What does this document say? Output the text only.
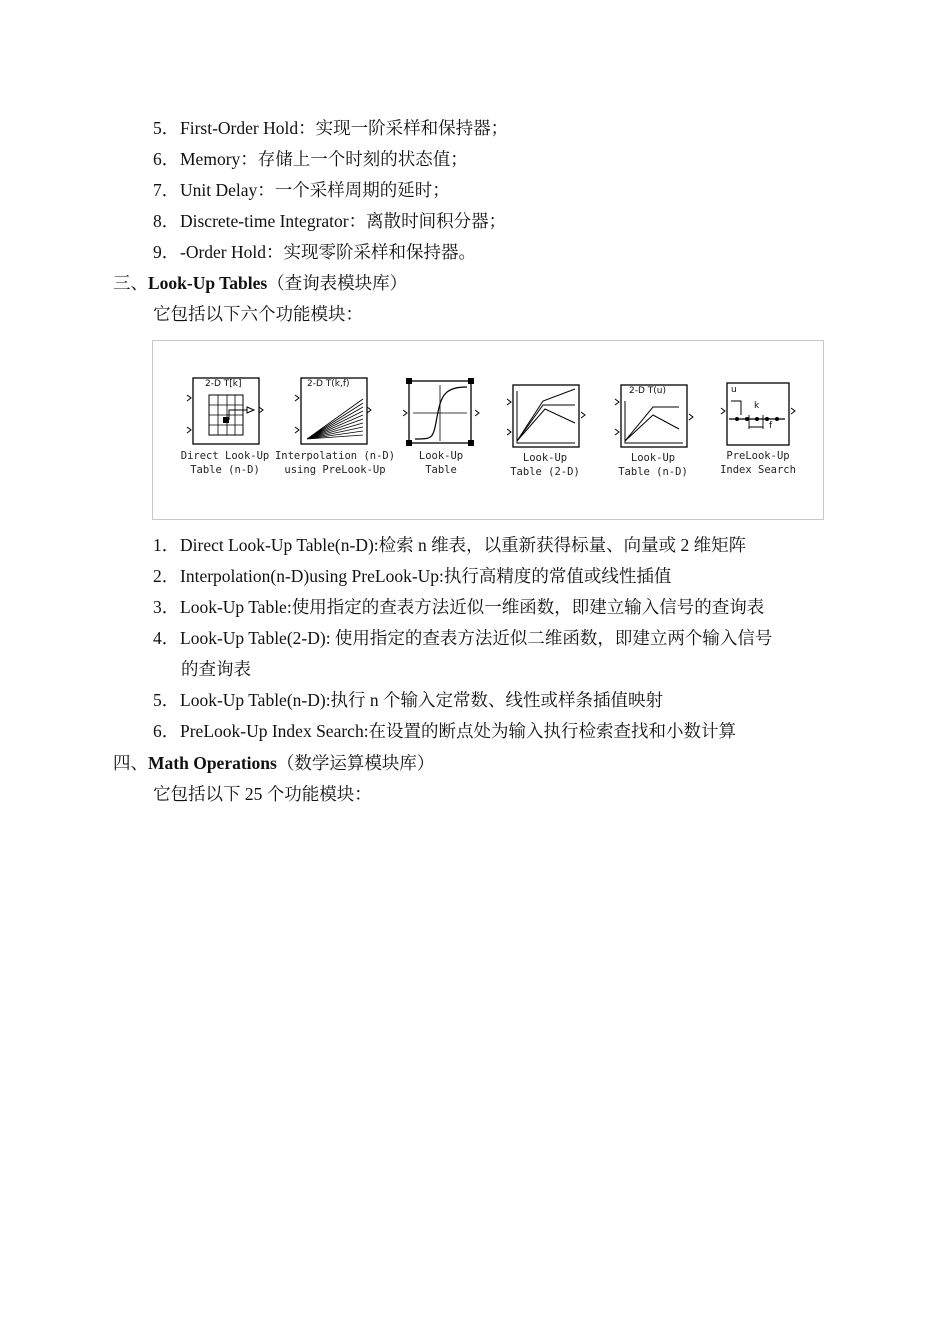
5．First-Order Hold：实现一阶采样和保持器；
6．Memory：存储上一个时刻的状态值；
7．Unit Delay：一个采样周期的延时；
8．Discrete-time Integrator：离散时间积分器；
9．-Order Hold：实现零阶采样和保持器。
三、Look-Up Tables（查询表模块库）
它包括以下六个功能模块：
2-D T[k]
Direct Look-Up
Table (n-D)
2-D T(k,f)
Interpolation (n-D)
using PreLook-Up
Look-Up
Table
Look-Up
Table (2-D)
2-D T(u)
Look-Up
Table (n-D)
u
k
f
PreLook-Up
Index Search
1．Direct Look-Up Table(n-D):检索 n 维表，以重新获得标量、向量或 2 维矩阵
2．Interpolation(n-D)using PreLook-Up:执行高精度的常值或线性插值
3．Look-Up Table:使用指定的查表方法近似一维函数，即建立输入信号的查询表
4．Look-Up Table(2-D): 使用指定的查表方法近似二维函数，即建立两个输入信号
的查询表
5．Look-Up Table(n-D):执行 n 个输入定常数、线性或样条插值映射
6．PreLook-Up Index Search:在设置的断点处为输入执行检索查找和小数计算
四、Math Operations（数学运算模块库）
它包括以下 25 个功能模块：
